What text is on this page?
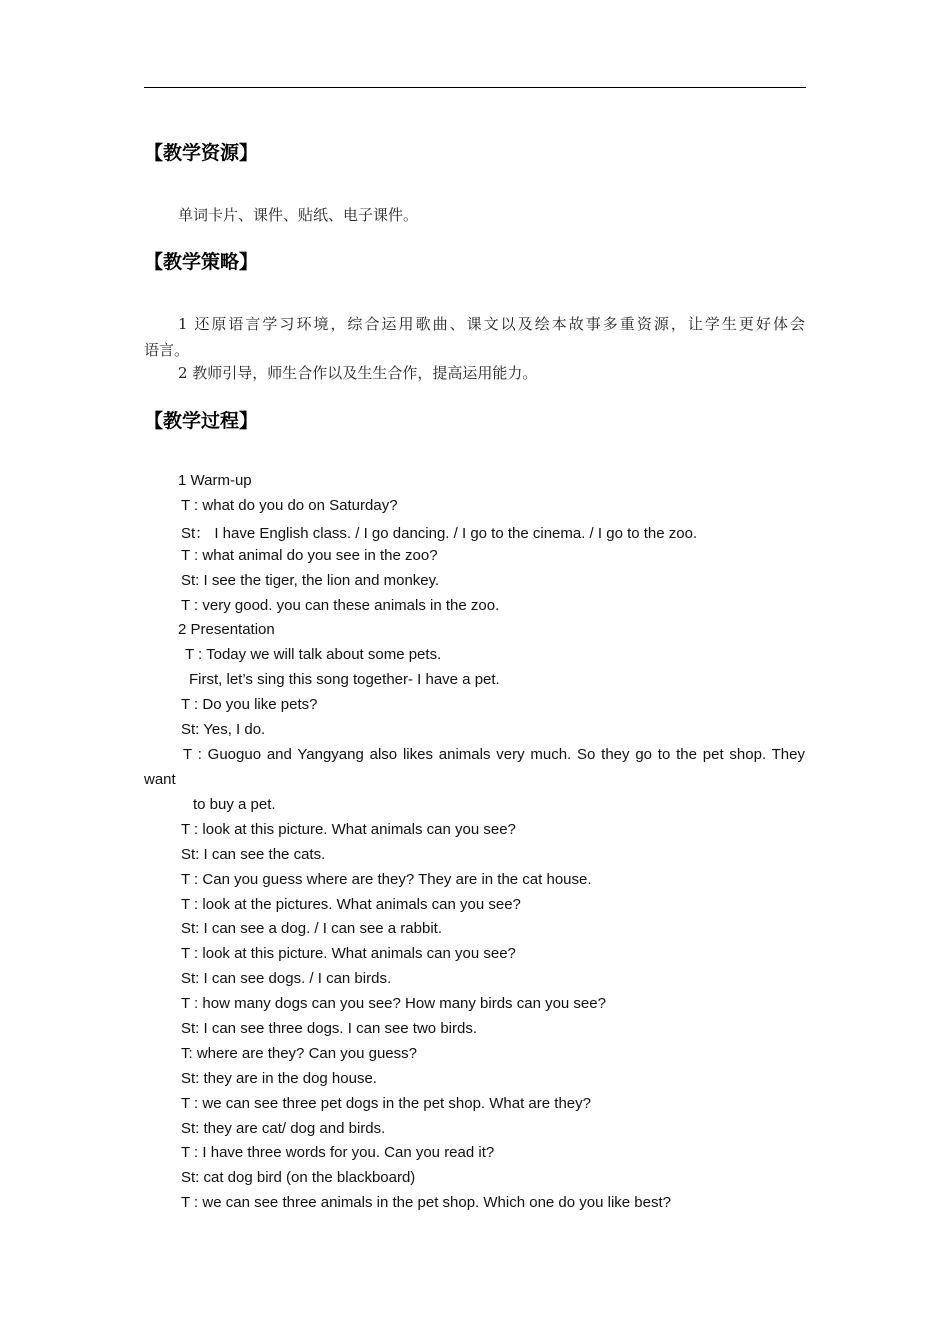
【教学资源】
单词卡片、课件、贴纸、电子课件。
【教学策略】
1 还原语言学习环境，综合运用歌曲、课文以及绘本故事多重资源，让学生更好体会
语言。
2 教师引导，师生合作以及生生合作，提高运用能力。
【教学过程】
1 Warm-up
T : what do you do on Saturday?
St： I have English class. / I go dancing. / I go to the cinema. / I go to the zoo.
T : what animal do you see in the zoo?
St: I see the tiger, the lion and monkey.
T : very good. you can these animals in the zoo.
2 Presentation
T : Today we will talk about some pets.
First, let’s sing this song together- I have a pet.
T : Do you like pets?
St: Yes, I do.
T : Guoguo and Yangyang also likes animals very much. So they go to the pet shop. They
want
to buy a pet.
T : look at this picture. What animals can you see?
St: I can see the cats.
T : Can you guess where are they? They are in the cat house.
T : look at the pictures. What animals can you see?
St: I can see a dog. / I can see a rabbit.
T : look at this picture. What animals can you see?
St: I can see dogs. / I can birds.
T : how many dogs can you see? How many birds can you see?
St: I can see three dogs. I can see two birds.
T: where are they? Can you guess?
St: they are in the dog house.
T : we can see three pet dogs in the pet shop. What are they?
St: they are cat/ dog and birds.
T : I have three words for you. Can you read it?
St: cat dog bird (on the blackboard)
T : we can see three animals in the pet shop. Which one do you like best?
